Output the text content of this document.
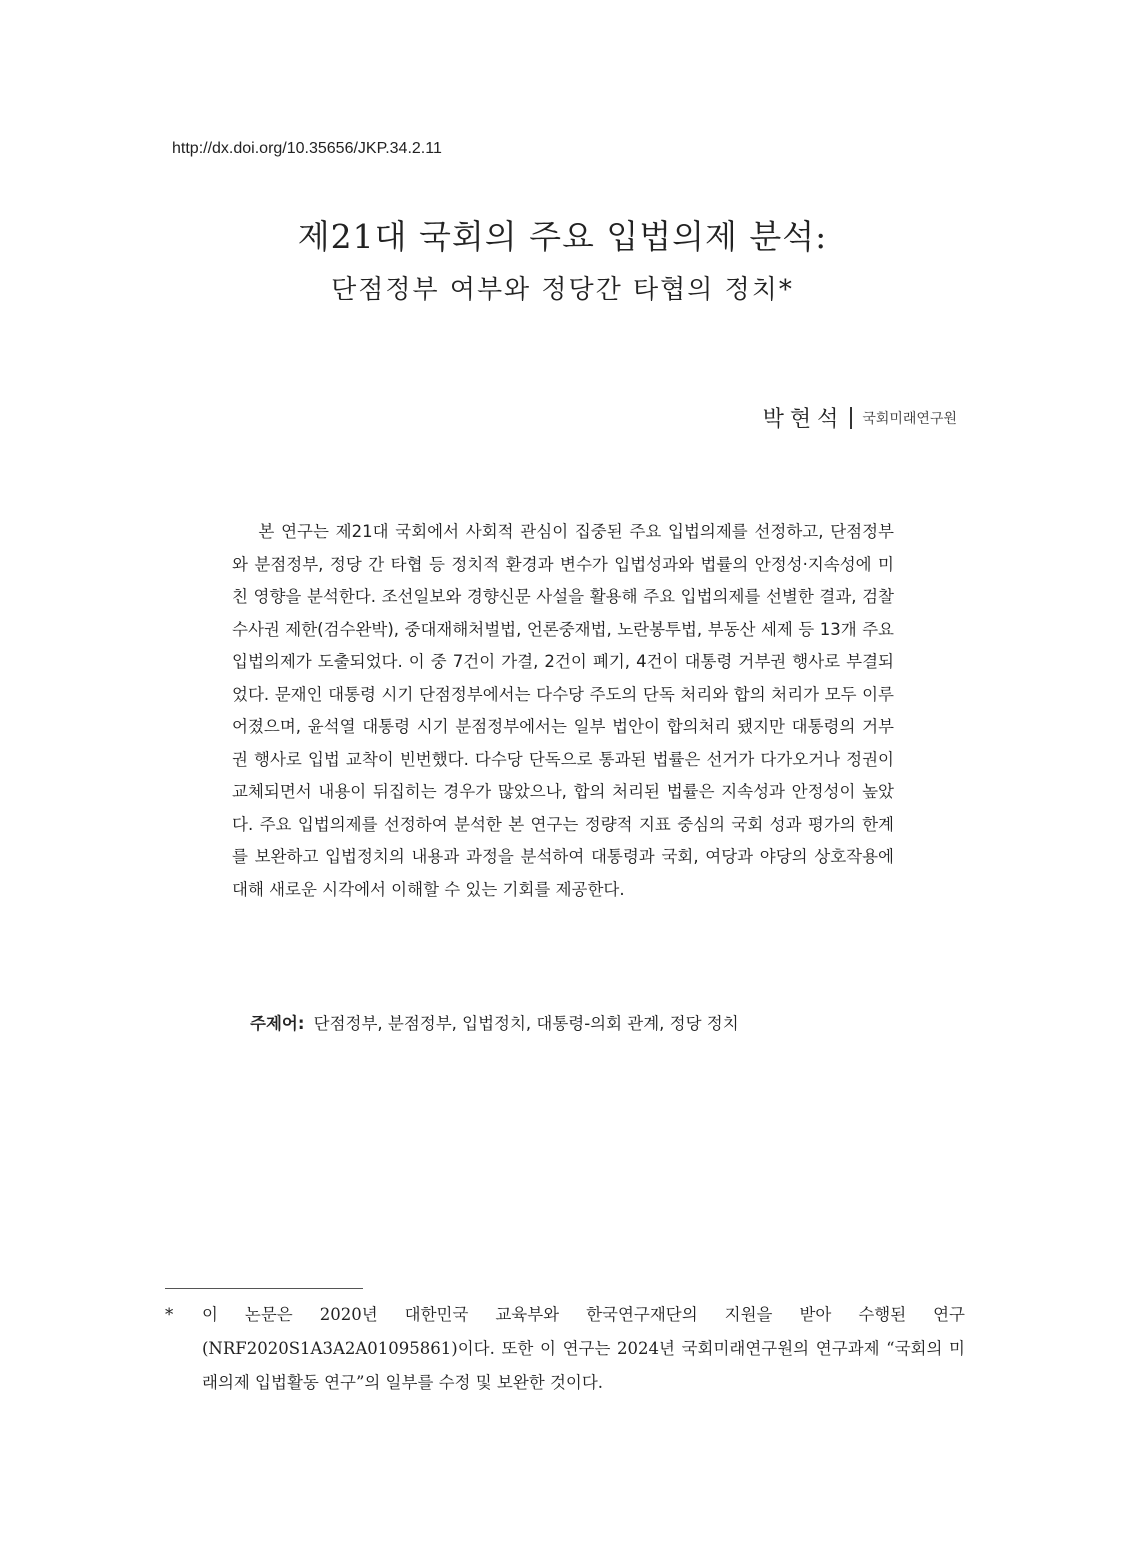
http://dx.doi.org/10.35656/JKP.34.2.11
제21대 국회의 주요 입법의제 분석:
단점정부 여부와 정당간 타협의 정치*
박현석 국회미래연구원

본 연구는 제21대 국회에서 사회적 관심이 집중된 주요 입법의제를 선정하고, 단점정부와 분점정부, 정당 간 타협 등 정치적 환경과 변수가 입법성과와 법률의 안정성·지속성에 미친 영향을 분석한다. 조선일보와 경향신문 사설을 활용해 주요 입법의제를 선별한 결과, 검찰 수사권 제한(검수완박), 중대재해처벌법, 언론중재법, 노란봉투법, 부동산 세제 등 13개 주요 입법의제가 도출되었다. 이 중 7건이 가결, 2건이 폐기, 4건이 대통령 거부권 행사로 부결되었다. 문재인 대통령 시기 단점정부에서는 다수당 주도의 단독 처리와 합의 처리가 모두 이루어졌으며, 윤석열 대통령 시기 분점정부에서는 일부 법안이 합의처리 됐지만 대통령의 거부권 행사로 입법 교착이 빈번했다. 다수당 단독으로 통과된 법률은 선거가 다가오거나 정권이 교체되면서 내용이 뒤집히는 경우가 많았으나, 합의 처리된 법률은 지속성과 안정성이 높았다. 주요 입법의제를 선정하여 분석한 본 연구는 정량적 지표 중심의 국회 성과 평가의 한계를 보완하고 입법정치의 내용과 과정을 분석하여 대통령과 국회, 여당과 야당의 상호작용에 대해 새로운 시각에서 이해할 수 있는 기회를 제공한다.

주제어: 단점정부, 분점정부, 입법정치, 대통령-의회 관계, 정당 정치
*	이 논문은 2020년 대한민국 교육부와 한국연구재단의 지원을 받아 수행된 연구(NRF2020S1A3A2A01095861)이다. 또한 이 연구는 2024년 국회미래연구원의 연구과제 “국회의 미래의제 입법활동 연구”의 일부를 수정 및 보완한 것이다.
